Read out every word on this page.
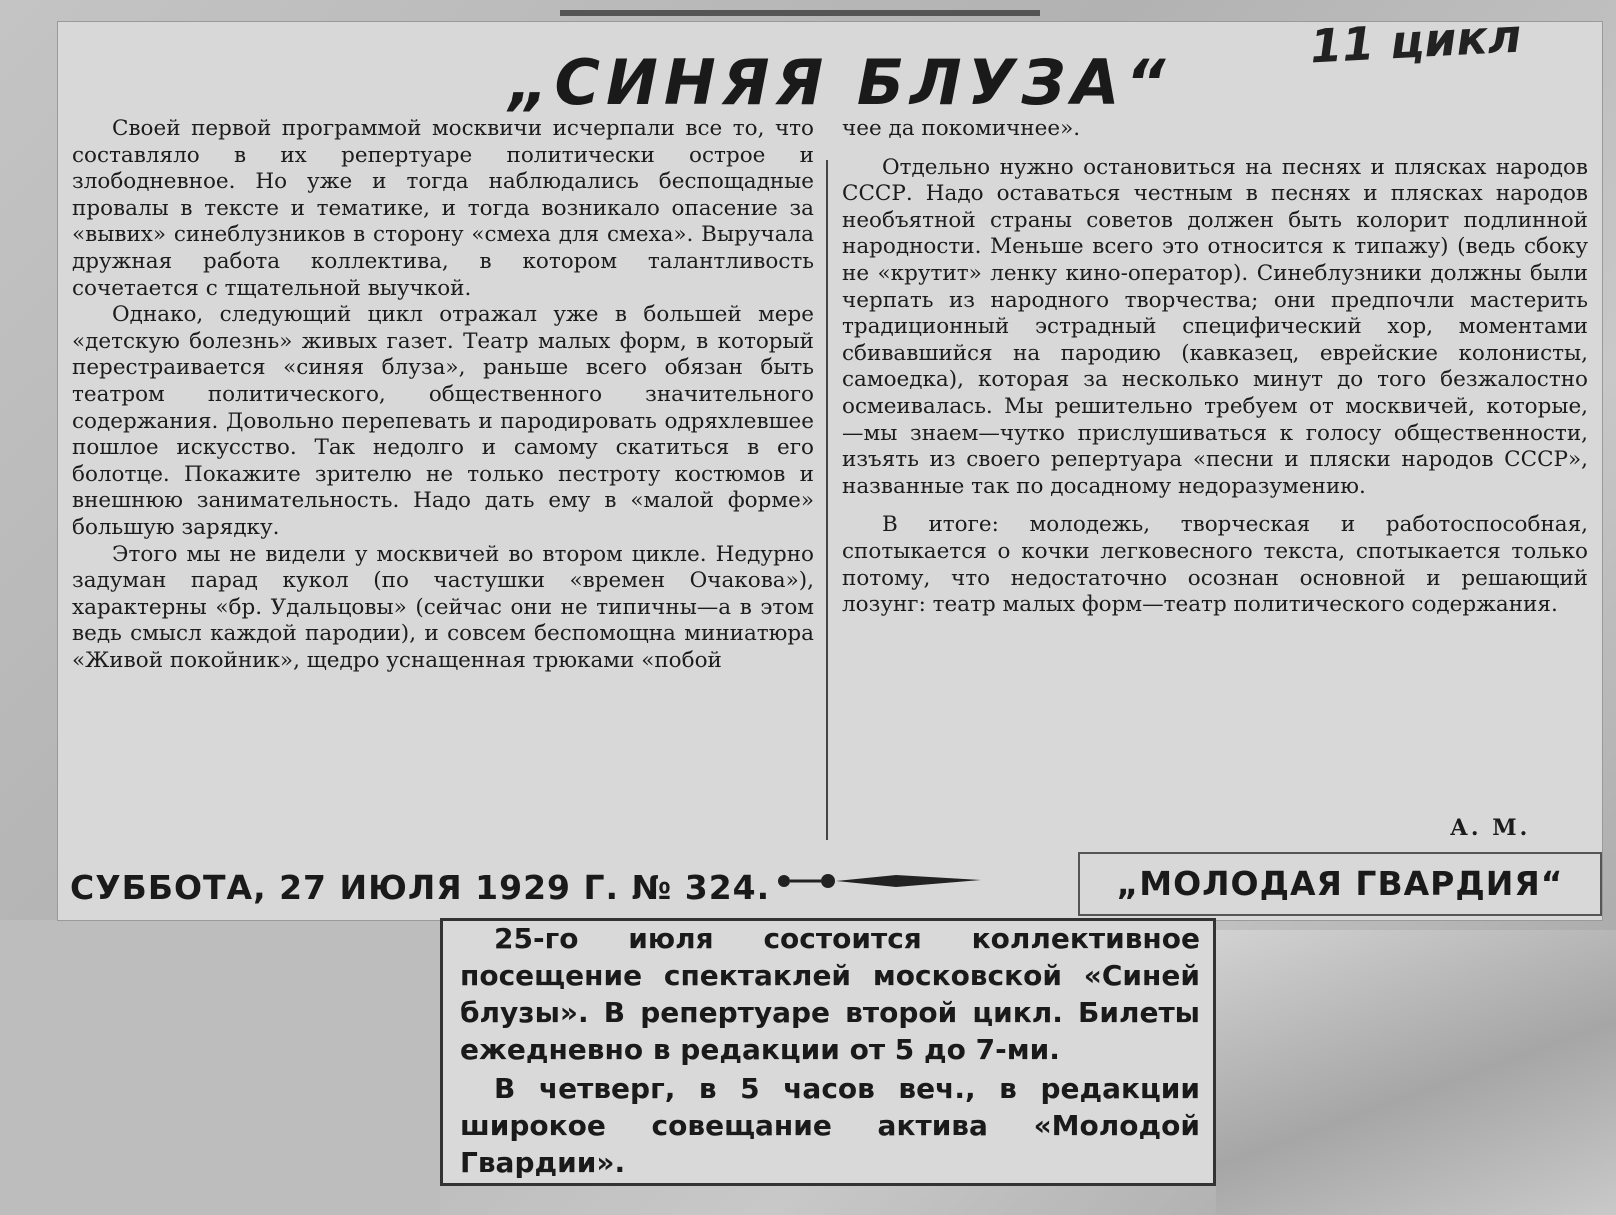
11 цикл
„СИНЯЯ БЛУЗА“

Своей первой программой москвичи исчерпали все то, что составляло в их репертуаре политически острое и злободневное. Но уже и тогда наблюдались беспощадные провалы в тексте и тематике, и тогда возникало опасение за «вывих» синеблузников в сторону «смеха для смеха». Выручала дружная работа коллектива, в котором талантливость сочетается с тщательной выучкой.

Однако, следующий цикл отражал уже в большей мере «детскую болезнь» живых газет. Театр малых форм, в который перестраивается «синяя блуза», раньше всего обязан быть театром политического, общественного значительного содержания. Довольно перепевать и пародировать одряхлевшее пошлое искусство. Так недолго и самому скатиться в его болотце. Покажите зрителю не только пестроту костюмов и внешнюю занимательность. Надо дать ему в «малой форме» большую зарядку.

Этого мы не видели у москвичей во втором цикле. Недурно задуман парад кукол (по частушки «времен Очакова»), характерны «бр. Удальцовы» (сейчас они не типичны—а в этом ведь смысл каждой пародии), и совсем беспомощна миниатюра «Живой покойник», щедро уснащенная трюками «побой

чее да покомичнее».

Отдельно нужно остановиться на песнях и плясках народов СССР. Надо оставаться честным в песнях и плясках народов необъятной страны советов должен быть колорит подлинной народности. Меньше всего это относится к типажу) (ведь сбоку не «крутит» ленку кино-оператор). Синеблузники должны были черпать из народного творчества; они предпочли мастерить традиционный эстрадный специфический хор, моментами сбивавшийся на пародию (кавказец, еврейские колонисты, самоедка), которая за несколько минут до того безжалостно осмеивалась. Мы решительно требуем от москвичей, которые, —мы знаем—чутко прислушиваться к голосу общественности, изъять из своего репертуара «песни и пляски народов СССР», названные так по досадному недоразумению.

В итоге: молодежь, творческая и работоспособная, спотыкается о кочки легковесного текста, спотыкается только потому, что недостаточно осознан основной и решающий лозунг: театр малых форм—театр политического содержания.

А. М.
СУББОТА, 27 ИЮЛЯ 1929 Г. № 324.	„МОЛОДАЯ ГВАРДИЯ“

25-го июля состоится коллективное посещение спектаклей московской «Синей блузы». В репертуаре второй цикл. Билеты ежедневно в редакции от 5 до 7-ми.

В четверг, в 5 часов веч., в редакции широкое совещание актива «Молодой Гвардии».
